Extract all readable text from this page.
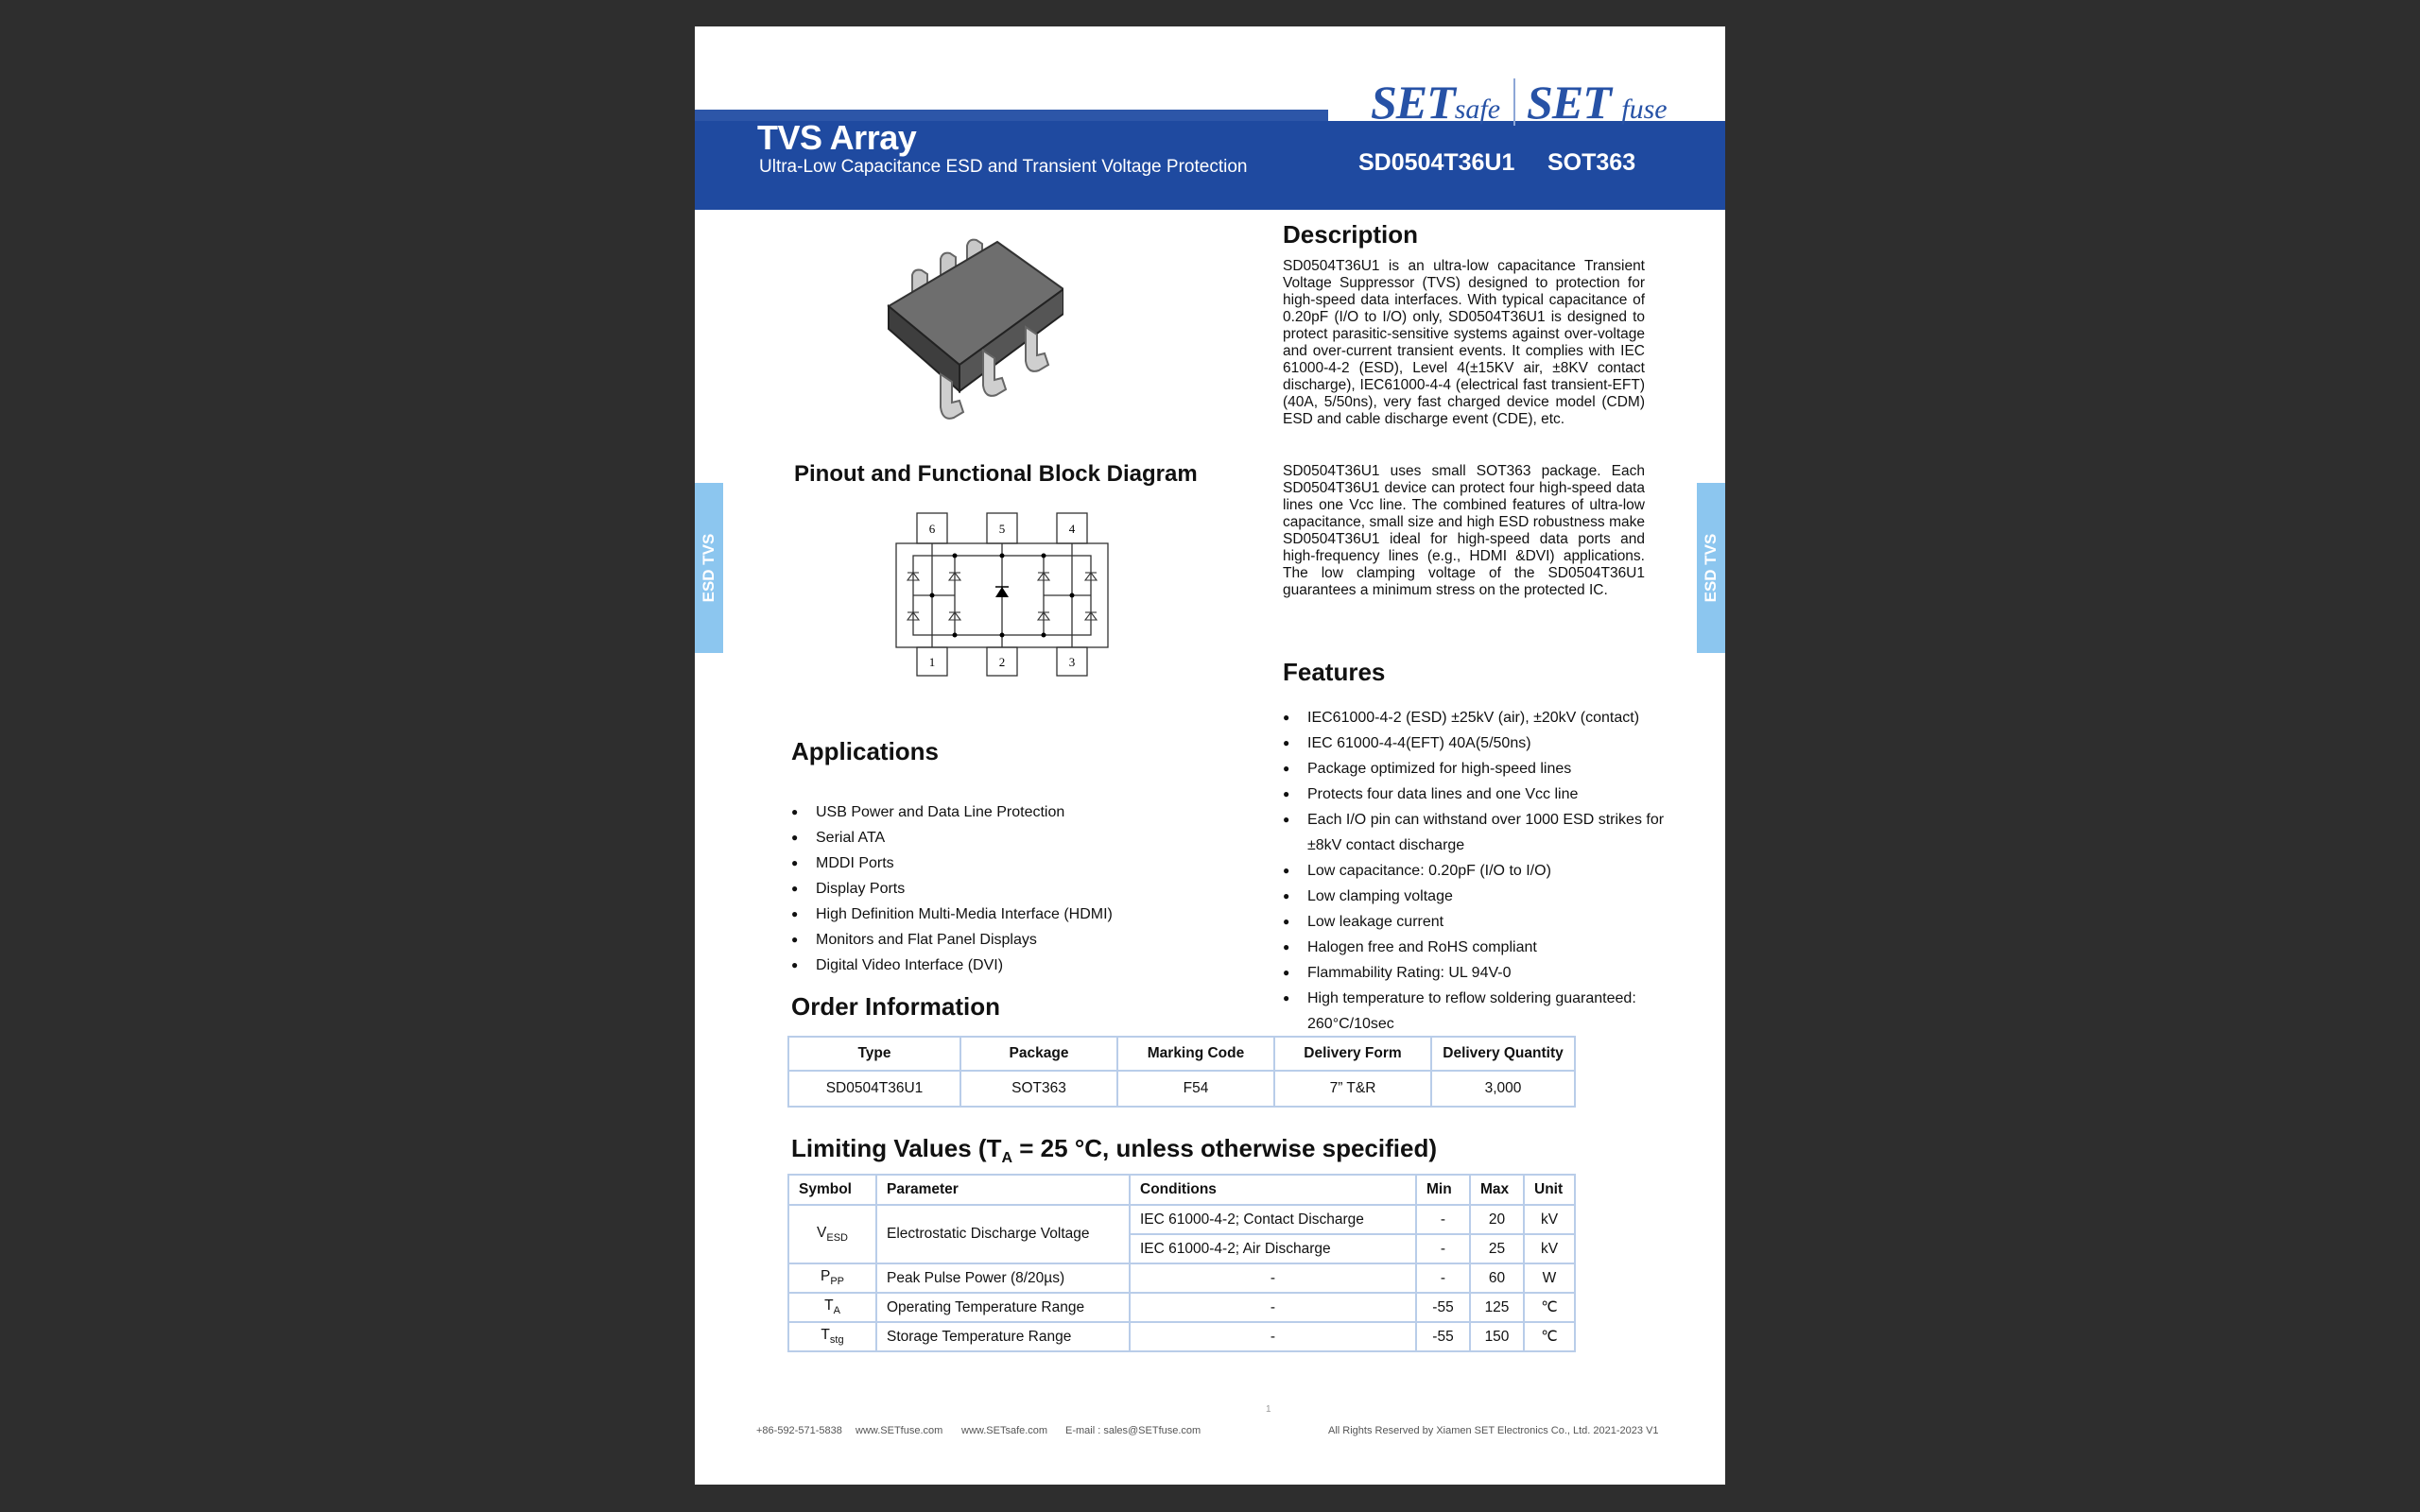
SETsafe SET fuse
TVS Array
Ultra-Low Capacitance ESD and Transient Voltage Protection	SD0504T36U1 SOT363
ESD TVS	ESD TVS
Pinout and Functional Block Diagram
6	5	4
1	2	3
Description
SD0504T36U1 is an ultra-low capacitance Transient Voltage Suppressor (TVS) designed to protection for high-speed data interfaces. With typical capacitance of 0.20pF (I/O to I/O) only, SD0504T36U1 is designed to protect parasitic-sensitive systems against over-voltage and over-current transient events. It complies with IEC 61000-4-2 (ESD), Level 4(±15KV air, ±8KV contact discharge), IEC61000-4-4 (electrical fast transient-EFT) (40A, 5/50ns), very fast charged device model (CDM) ESD and cable discharge event (CDE), etc.
SD0504T36U1 uses small SOT363 package. Each SD0504T36U1 device can protect four high-speed data lines one Vcc line. The combined features of ultra-low capacitance, small size and high ESD robustness make SD0504T36U1 ideal for high-speed data ports and high-frequency lines (e.g., HDMI &DVI) applications. The low clamping voltage of the SD0504T36U1 guarantees a minimum stress on the protected IC.
Features
● IEC61000-4-2 (ESD) ±25kV (air), ±20kV (contact)
● IEC 61000-4-4(EFT) 40A(5/50ns)
● Package optimized for high-speed lines
● Protects four data lines and one Vcc line
● Each I/O pin can withstand over 1000 ESD strikes for ±8kV contact discharge
● Low capacitance: 0.20pF (I/O to I/O)
● Low clamping voltage
● Low leakage current
● Halogen free and RoHS compliant
● Flammability Rating: UL 94V-0
● High temperature to reflow soldering guaranteed: 260°C/10sec
Applications
● USB Power and Data Line Protection
● Serial ATA
● MDDI Ports
● Display Ports
● High Definition Multi-Media Interface (HDMI)
● Monitors and Flat Panel Displays
● Digital Video Interface (DVI)
Order Information
Type	Package	Marking Code	Delivery Form	Delivery Quantity
SD0504T36U1	SOT363	F54	7” T&R	3,000
Limiting Values ($T_A = 25$ °C, unless otherwise specified)
Symbol	Parameter	Conditions	Min	Max	Unit
$V_{ESD}$	Electrostatic Discharge Voltage	IEC 61000-4-2; Contact Discharge	-	20	kV
		IEC 61000-4-2; Air Discharge	-	25	kV
$P_{PP}$	Peak Pulse Power (8/20µs)	-	-	60	W
$T_A$	Operating Temperature Range	-	-55	125	℃
$T_{stg}$	Storage Temperature Range	-	-55	150	℃
1
+86-592-571-5838 www.SETfuse.com www.SETsafe.com E-mail : sales@SETfuse.com	All Rights Reserved by Xiamen SET Electronics Co., Ltd. 2021-2023 V1
